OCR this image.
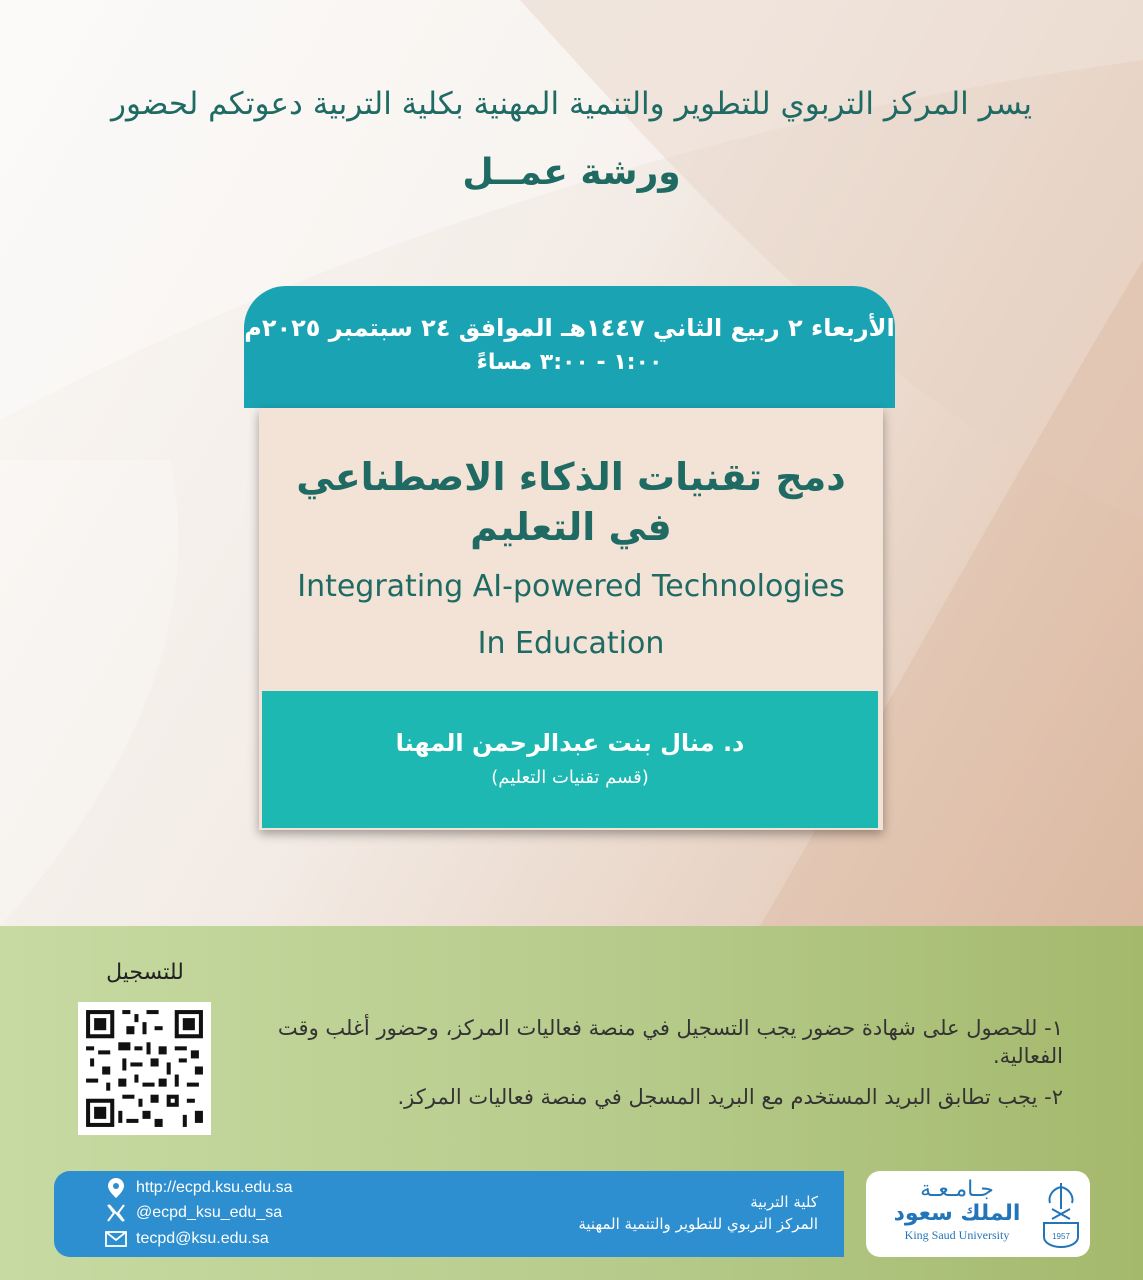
يسر المركز التربوي للتطوير والتنمية المهنية بكلية التربية دعوتكم لحضور
ورشة عمــل
الأربعاء ٢ ربيع الثاني ١٤٤٧هـ الموافق ٢٤ سبتمبر ٢٠٢٥م
١:٠٠ - ٣:٠٠ مساءً
دمج تقنيات الذكاء الاصطناعي
في التعليم
Integrating AI-powered Technologies
In Education
د. منال بنت عبدالرحمن المهنا
(قسم تقنيات التعليم)
للتسجيل
١- للحصول على شهادة حضور يجب التسجيل في منصة فعاليات المركز، وحضور أغلب وقت الفعالية.
٢- يجب تطابق البريد المستخدم مع البريد المسجل في منصة فعاليات المركز.
http://ecpd.ksu.edu.sa
@ecpd_ksu_edu_sa
tecpd@ksu.edu.sa
كلية التربية
المركز التربوي للتطوير والتنمية المهنية
جـامـعـة
الملك سعود
King Saud University	1957
